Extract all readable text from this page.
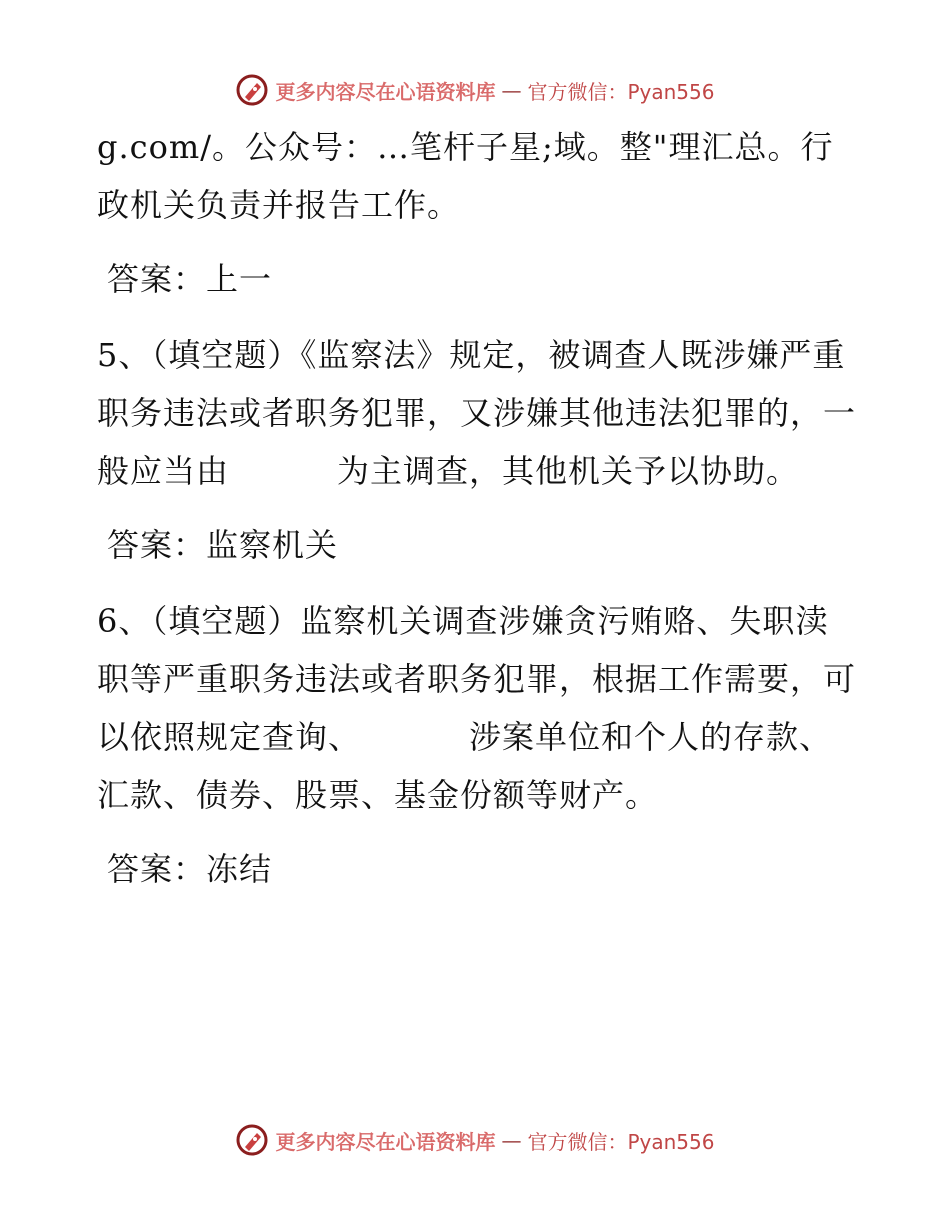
更多内容尽在心语资料库 — 官方微信：Pyan556

g.com/。公众号：…笔杆子星;域。整"理汇总。行政机关负责并报告工作。

答案：上一

5、（填空题）《监察法》规定，被调查人既涉嫌严重职务违法或者职务犯罪，又涉嫌其他违法犯罪的，一般应当由	为主调查，其他机关予以协助。

答案：监察机关

6、（填空题）监察机关调查涉嫌贪污贿赂、失职渎职等严重职务违法或者职务犯罪，根据工作需要，可以依照规定查询、	涉案单位和个人的存款、汇款、债券、股票、基金份额等财产。

答案：冻结

更多内容尽在心语资料库 — 官方微信：Pyan556
